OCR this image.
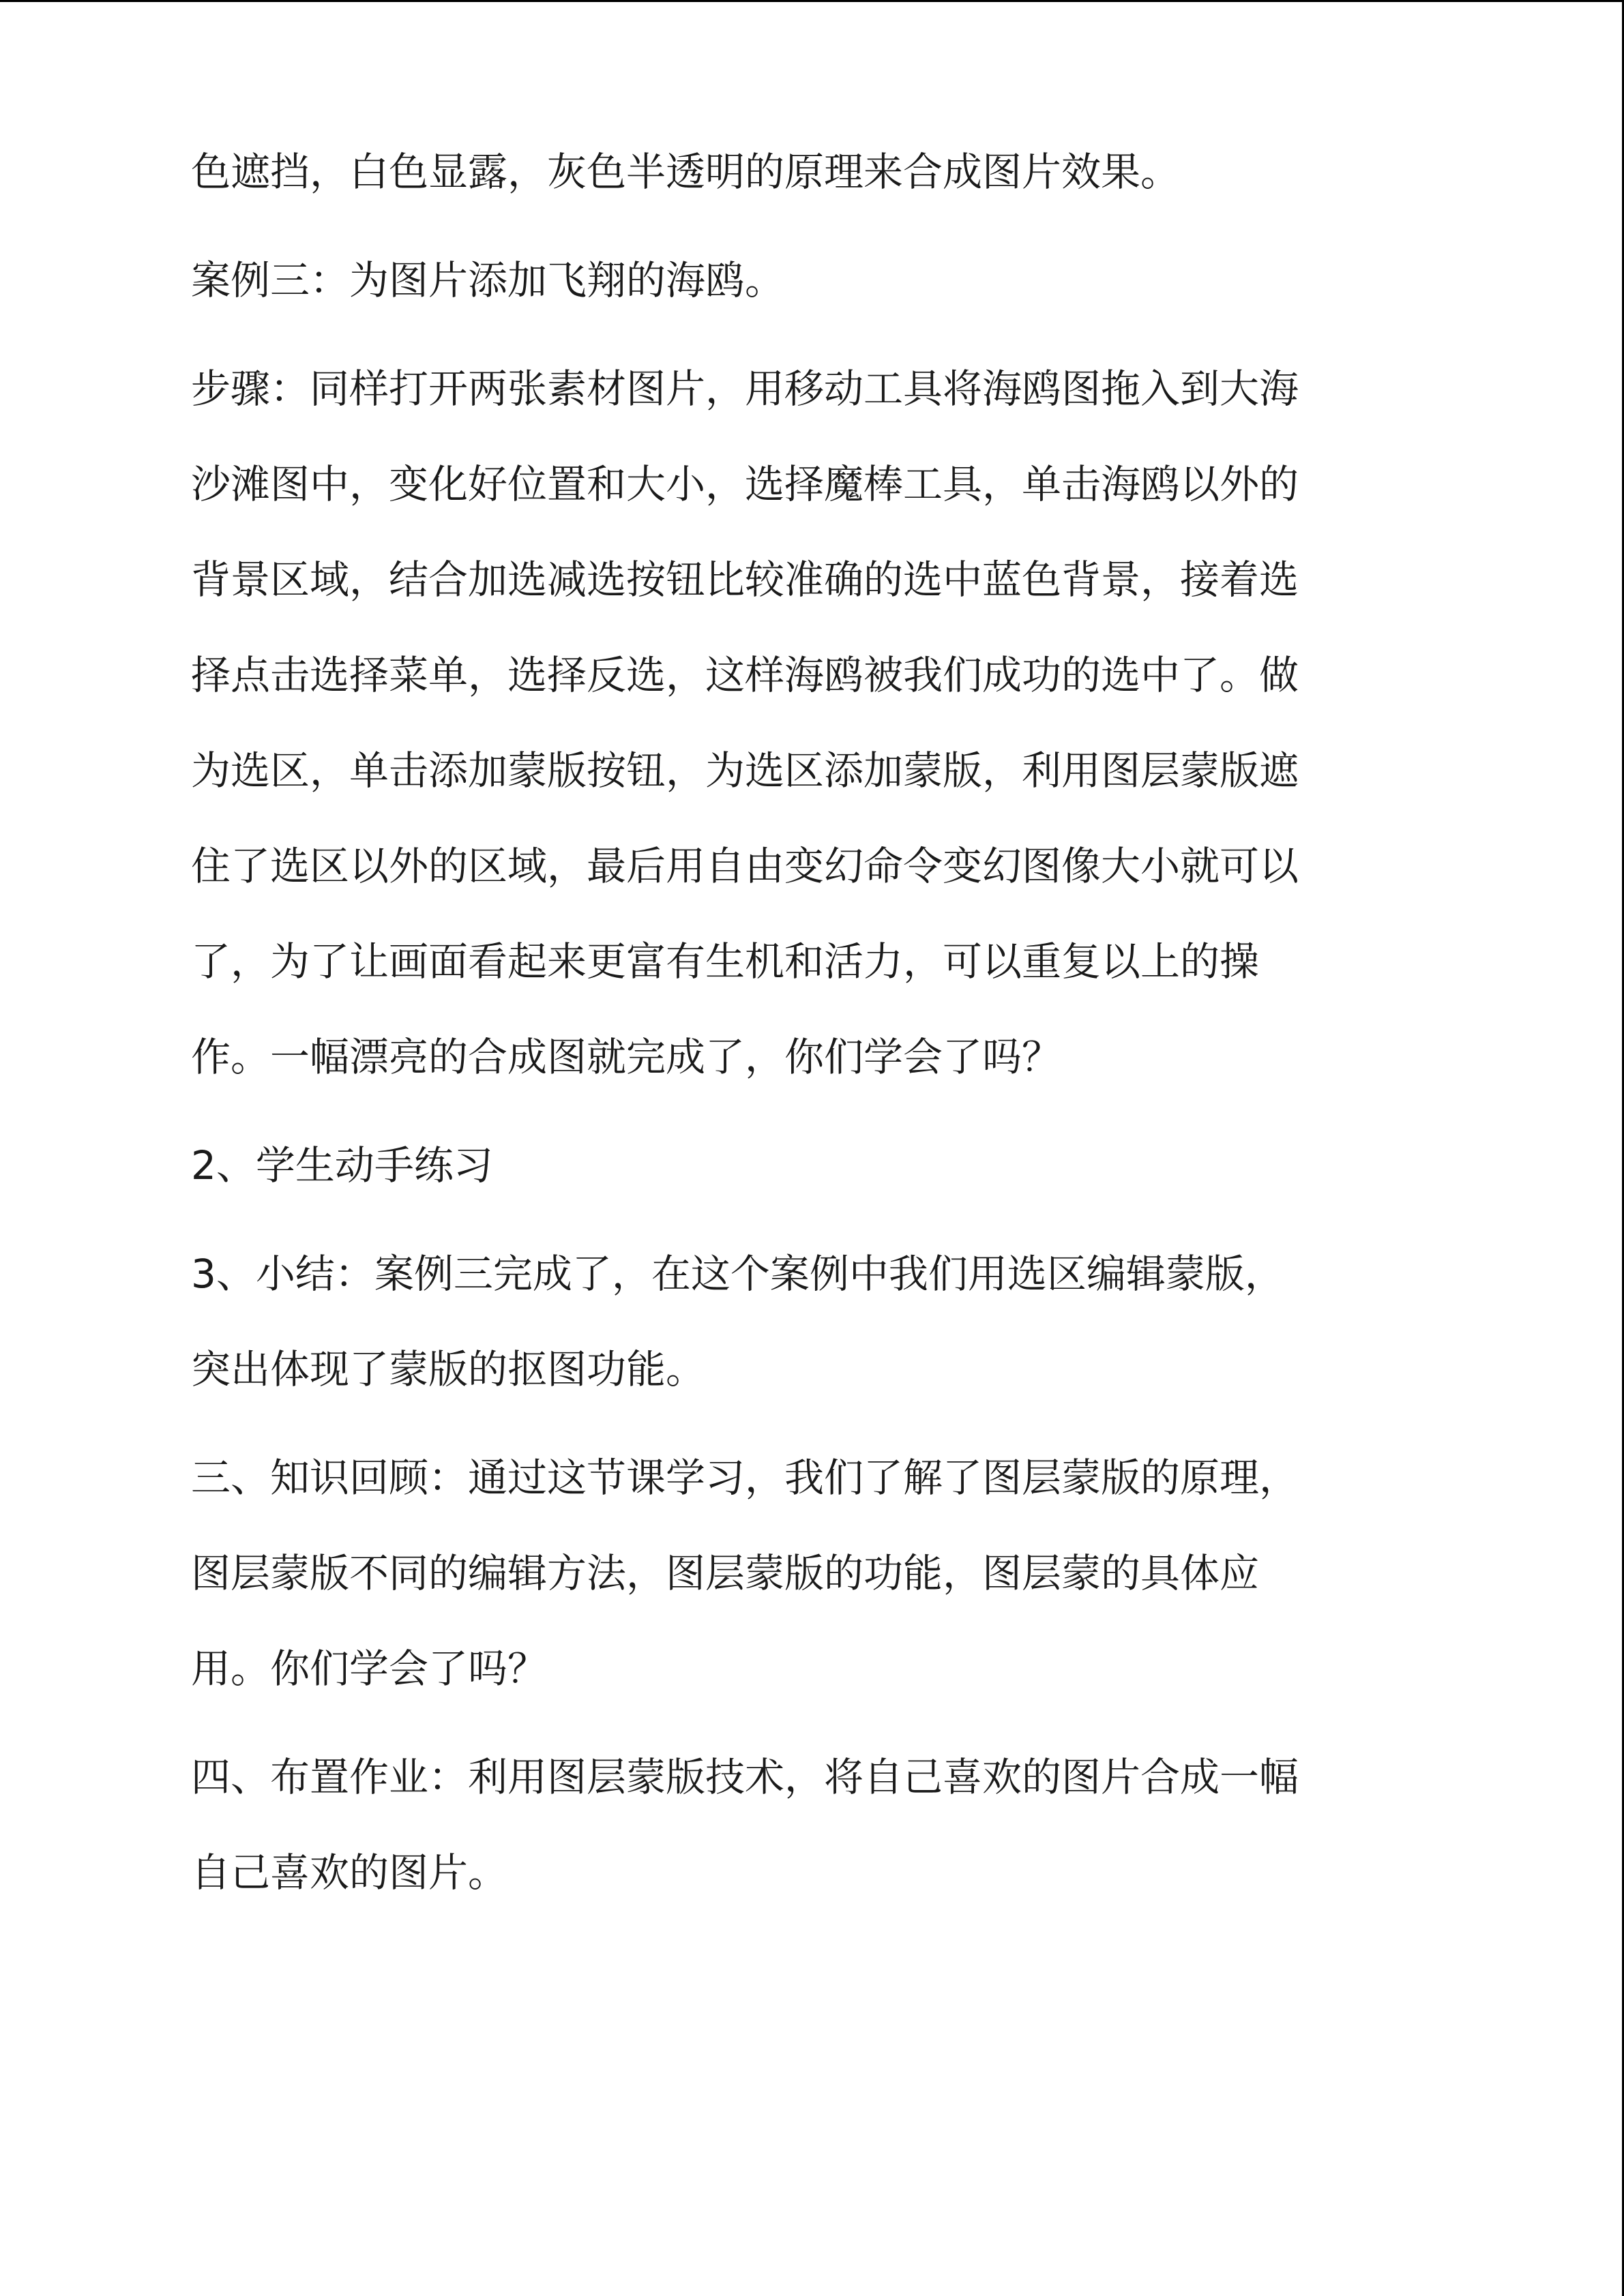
色遮挡，白色显露，灰色半透明的原理来合成图片效果。
案例三：为图片添加飞翔的海鸥。
步骤：同样打开两张素材图片，用移动工具将海鸥图拖入到大海
沙滩图中，变化好位置和大小，选择魔棒工具，单击海鸥以外的
背景区域，结合加选减选按钮比较准确的选中蓝色背景，接着选
择点击选择菜单，选择反选，这样海鸥被我们成功的选中了。做
为选区，单击添加蒙版按钮，为选区添加蒙版，利用图层蒙版遮
住了选区以外的区域，最后用自由变幻命令变幻图像大小就可以
了，为了让画面看起来更富有生机和活力，可以重复以上的操
作。一幅漂亮的合成图就完成了，你们学会了吗？
2、学生动手练习
3、小结：案例三完成了，在这个案例中我们用选区编辑蒙版，
突出体现了蒙版的抠图功能。
三、知识回顾：通过这节课学习，我们了解了图层蒙版的原理，
图层蒙版不同的编辑方法，图层蒙版的功能，图层蒙的具体应
用。你们学会了吗？
四、布置作业：利用图层蒙版技术，将自己喜欢的图片合成一幅
自己喜欢的图片。
